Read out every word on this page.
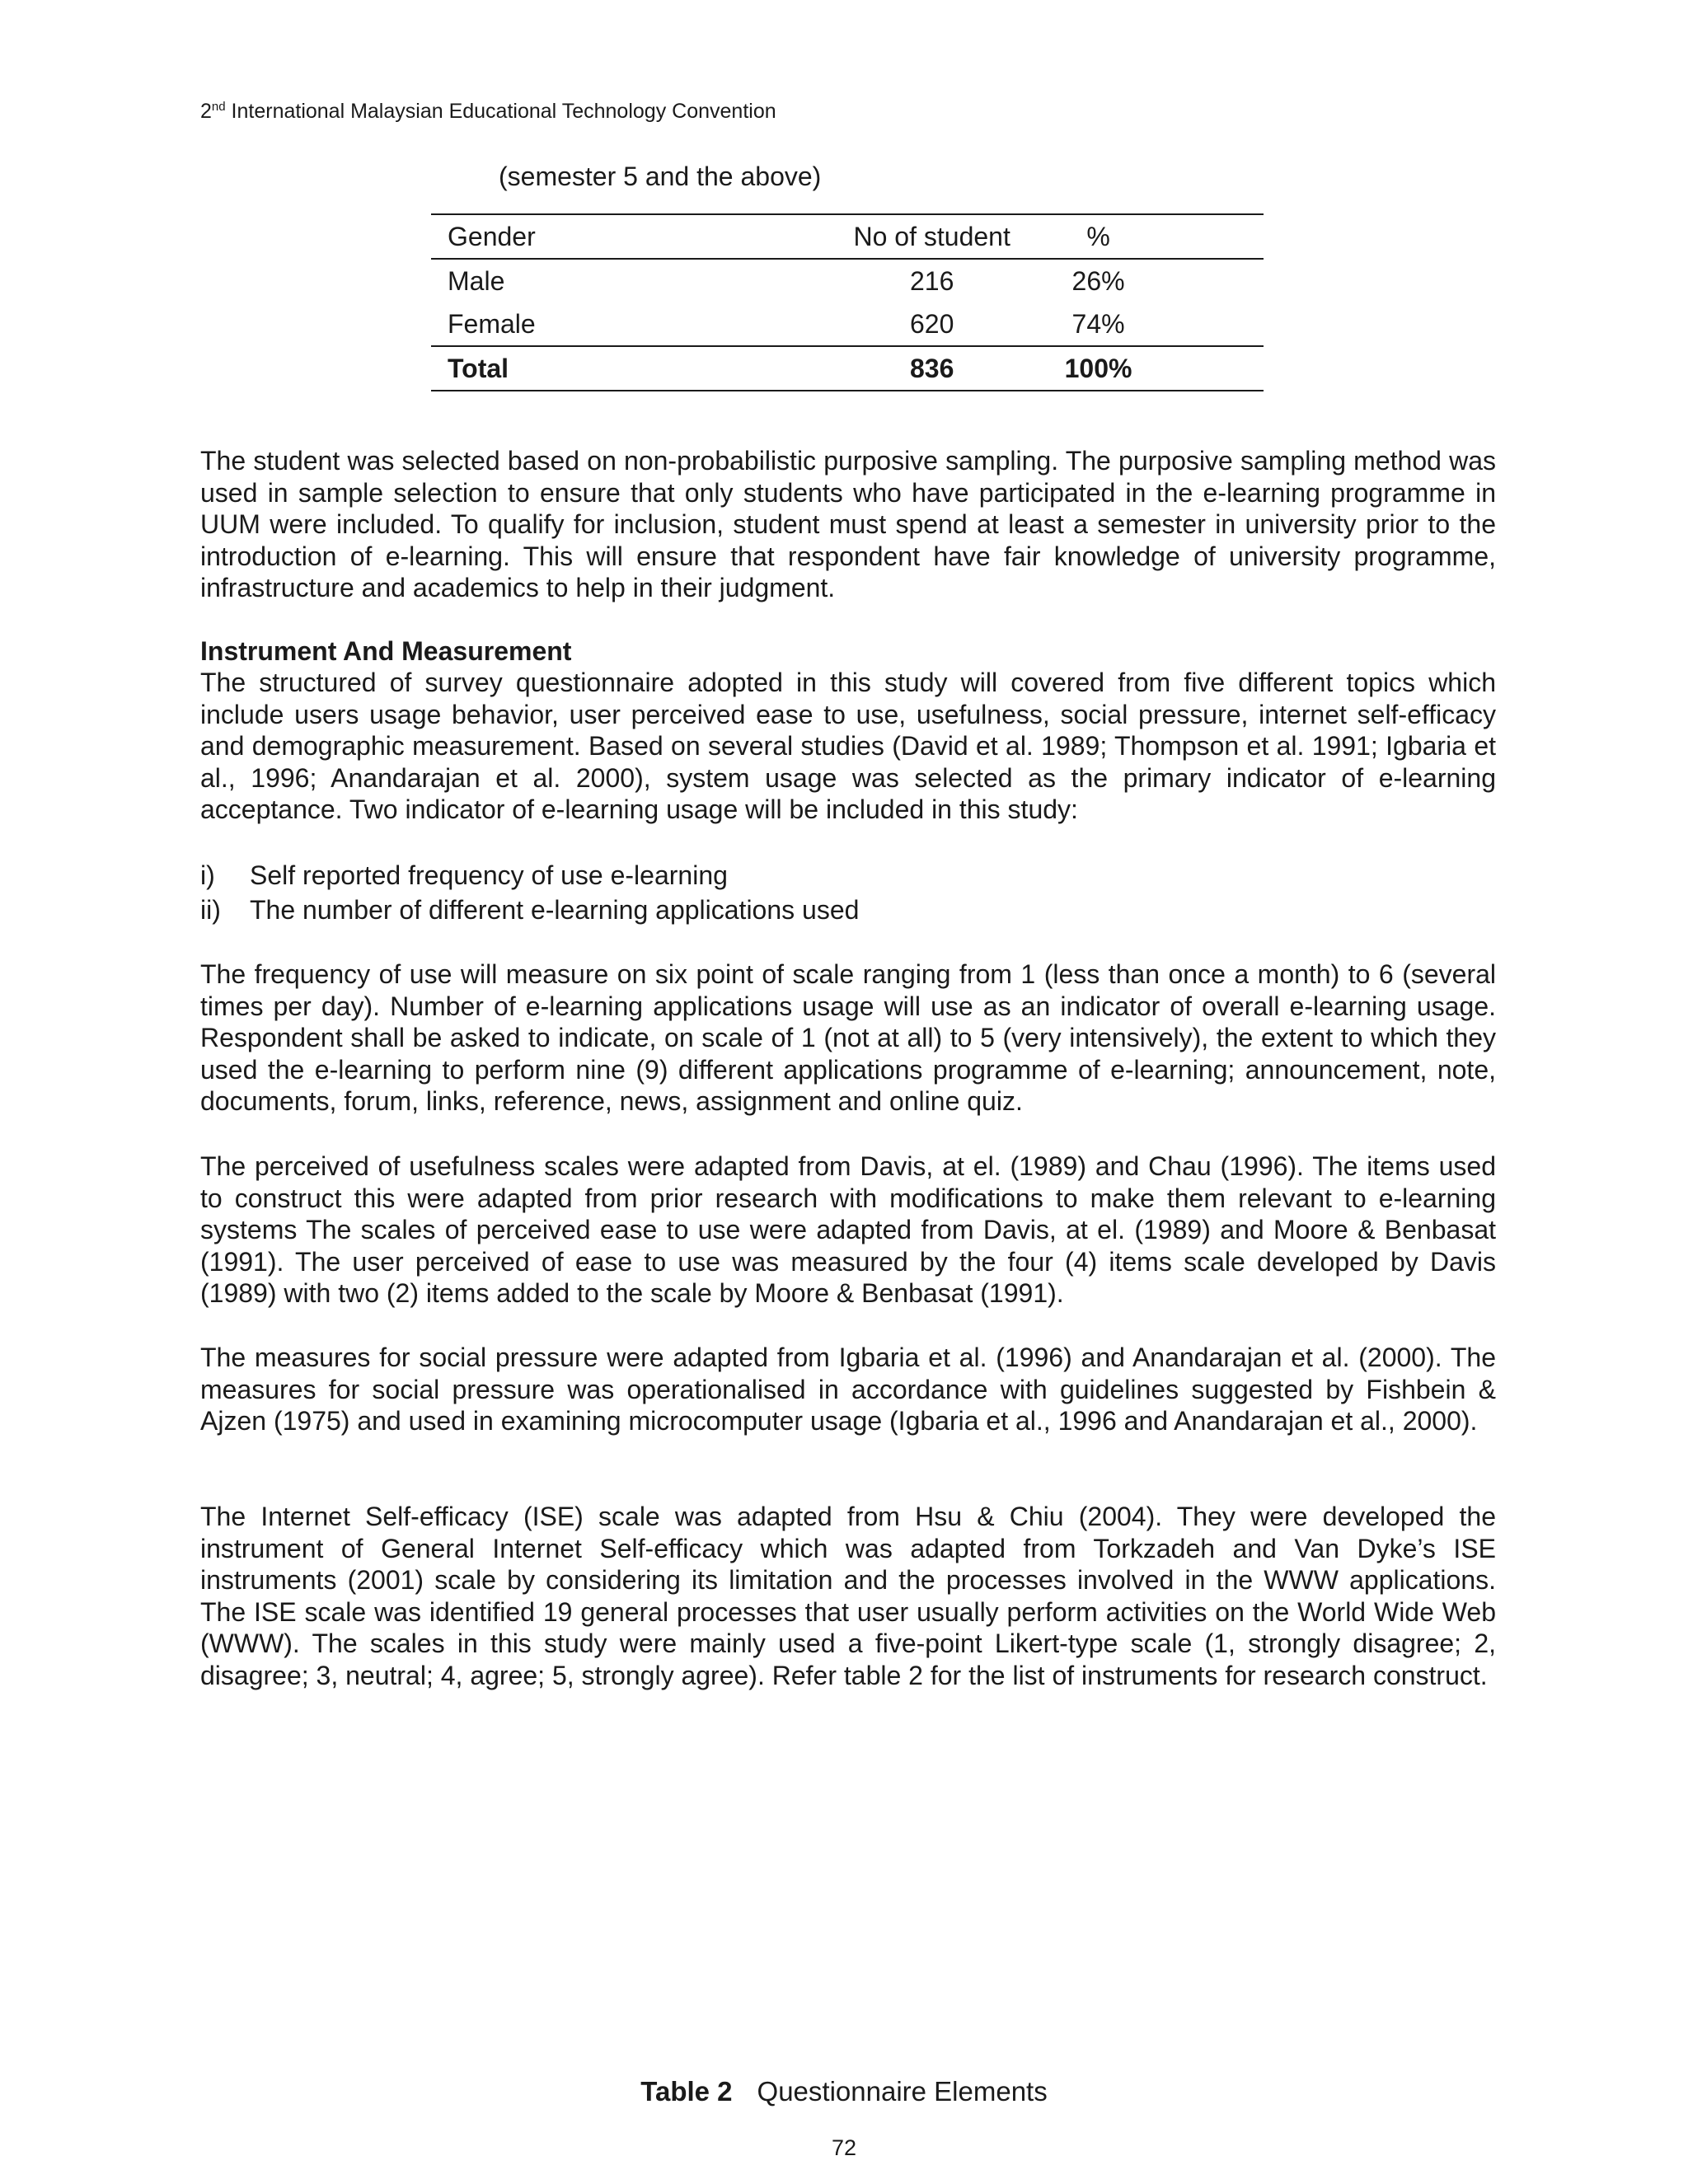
2nd International Malaysian Educational Technology Convention
(semester 5 and the above)
Gender	No of student	%	
Male	216	26%	
Female	620	74%	
Total	836	100%	

The student was selected based on non-probabilistic purposive sampling. The purposive sampling method was used in sample selection to ensure that only students who have participated in the e-learning programme in UUM were included. To qualify for inclusion, student must spend at least a semester in university prior to the introduction of e-learning. This will ensure that respondent have fair knowledge of university programme, infrastructure and academics to help in their judgment.

Instrument And Measurement

The structured of survey questionnaire adopted in this study will covered from five different topics which include users usage behavior, user perceived ease to use, usefulness, social pressure, internet self-efficacy and demographic measurement. Based on several studies (David et al. 1989; Thompson et al. 1991; Igbaria et al., 1996; Anandarajan et al. 2000), system usage was selected as the primary indicator of e-learning acceptance. Two indicator of e-learning usage will be included in this study:

i) Self reported frequency of use e-learning
ii) The number of different e-learning applications used

The frequency of use will measure on six point of scale ranging from 1 (less than once a month) to 6 (several times per day). Number of e-learning applications usage will use as an indicator of overall e-learning usage. Respondent shall be asked to indicate, on scale of 1 (not at all) to 5 (very intensively), the extent to which they used the e-learning to perform nine (9) different applications programme of e-learning; announcement, note, documents, forum, links, reference, news, assignment and online quiz.

The perceived of usefulness scales were adapted from Davis, at el. (1989) and Chau (1996). The items used to construct this were adapted from prior research with modifications to make them relevant to e-learning systems The scales of perceived ease to use were adapted from Davis, at el. (1989) and Moore & Benbasat (1991). The user perceived of ease to use was measured by the four (4) items scale developed by Davis (1989) with two (2) items added to the scale by Moore & Benbasat (1991).

The measures for social pressure were adapted from Igbaria et al. (1996) and Anandarajan et al. (2000). The measures for social pressure was operationalised in accordance with guidelines suggested by Fishbein & Ajzen (1975) and used in examining microcomputer usage (Igbaria et al., 1996 and Anandarajan et al., 2000).

The Internet Self-efficacy (ISE) scale was adapted from Hsu & Chiu (2004). They were developed the instrument of General Internet Self-efficacy which was adapted from Torkzadeh and Van Dyke’s ISE instruments (2001) scale by considering its limitation and the processes involved in the WWW applications. The ISE scale was identified 19 general processes that user usually perform activities on the World Wide Web (WWW). The scales in this study were mainly used a five-point Likert-type scale (1, strongly disagree; 2, disagree; 3, neutral; 4, agree; 5, strongly agree). Refer table 2 for the list of instruments for research construct.

Table 2 Questionnaire Elements
72
